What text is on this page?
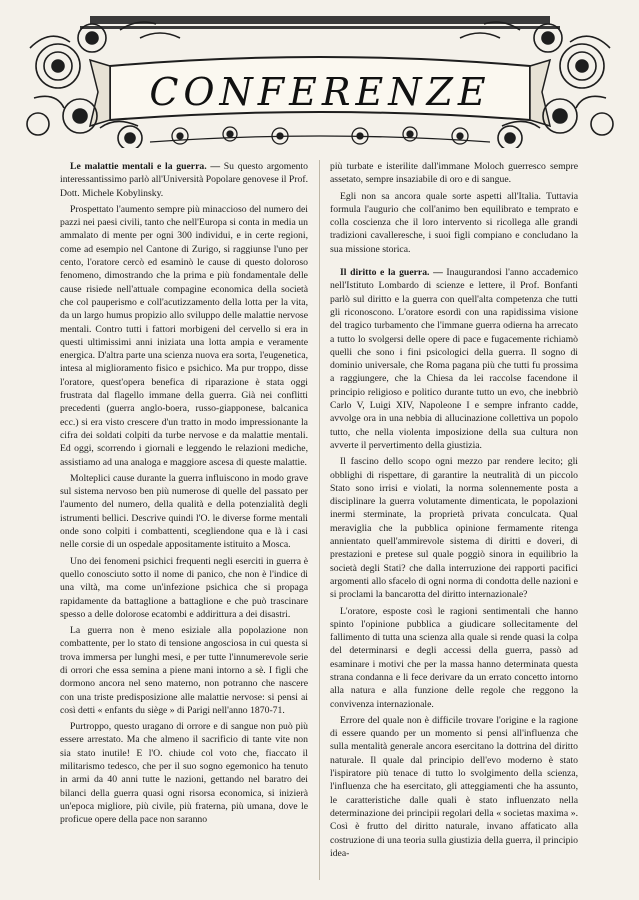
CONFERENZE

Le malattie mentali e la guerra. — Su questo argomento interessantissimo parlò all'Università Popolare genovese il Prof. Dott. Michele Kobylinsky.

Prospettato l'aumento sempre più minaccioso del numero dei pazzi nei paesi civili, tanto che nell'Europa si conta in media un ammalato di mente per ogni 300 individui, e in certe regioni, come ad esempio nel Cantone di Zurigo, si raggiunse l'uno per cento, l'oratore cercò ed esaminò le cause di questo doloroso fenomeno, dimostrando che la prima e più fondamentale delle cause risiede nell'attuale compagine economica della società che col pauperismo e coll'acutizzamento della lotta per la vita, da un largo humus propizio allo sviluppo delle malattie nervose mentali. Contro tutti i fattori morbigeni del cervello si era in questi ultimissimi anni iniziata una lotta ampia e veramente energica. D'altra parte una scienza nuova era sorta, l'eugenetica, intesa al miglioramento fisico e psichico. Ma pur troppo, disse l'oratore, quest'opera benefica di riparazione è stata oggi frustrata dal flagello immane della guerra. Già nei conflitti precedenti (guerra anglo-boera, russo-giapponese, balcanica ecc.) si era visto crescere d'un tratto in modo impressionante la cifra dei soldati colpiti da turbe nervose e da malattie mentali. Ed oggi, scorrendo i giornali e leggendo le relazioni mediche, assistiamo ad una analoga e maggiore ascesa di queste malattie.

Molteplici cause durante la guerra influiscono in modo grave sul sistema nervoso ben più numerose di quelle del passato per l'aumento del numero, della qualità e della potenzialità degli istrumenti bellici. Descrive quindi l'O. le diverse forme mentali onde sono colpiti i combattenti, scegliendone qua e là i casi nelle corsie di un ospedale appositamente istituito a Mosca.

Uno dei fenomeni psichici frequenti negli eserciti in guerra è quello conosciuto sotto il nome di panico, che non è l'indice di una viltà, ma come un'infezione psichica che si propaga rapidamente da battaglione a battaglione e che può trascinare spesso a delle dolorose ecatombi e addirittura a dei disastri.

La guerra non è meno esiziale alla popolazione non combattente, per lo stato di tensione angosciosa in cui questa si trova immersa per lunghi mesi, e per tutte l'innumerevole serie di orrori che essa semina a piene mani intorno a sè. I figli che dormono ancora nel seno materno, non potranno che nascere con una triste predisposizione alle malattie nervose: si pensi ai così detti « enfants du siège » di Parigi nell'anno 1870-71.

Purtroppo, questo uragano di orrore e di sangue non può più essere arrestato. Ma che almeno il sacrificio di tante vite non sia stato inutile! E l'O. chiude col voto che, fiaccato il militarismo tedesco, che per il suo sogno egemonico ha tenuto in armi da 40 anni tutte le nazioni, gettando nel baratro dei bilanci della guerra quasi ogni risorsa economica, si inizierà un'epoca migliore, più civile, più fraterna, più umana, dove le proficue opere della pace non saranno

più turbate e isterilite dall'immane Moloch guerresco sempre assetato, sempre insaziabile di oro e di sangue.

Egli non sa ancora quale sorte aspetti all'Italia. Tuttavia formula l'augurio che coll'animo ben equilibrato e temprato e colla coscienza che il loro intervento si ricollega alle grandi tradizioni cavalleresche, i suoi figli compiano e concludano la sua missione storica.

Il diritto e la guerra. — Inaugurandosi l'anno accademico nell'Istituto Lombardo di scienze e lettere, il Prof. Bonfanti parlò sul diritto e la guerra con quell'alta competenza che tutti gli riconoscono. L'oratore esordì con una rapidissima visione del tragico turbamento che l'immane guerra odierna ha arrecato a tutto lo svolgersi delle opere di pace e fugacemente richiamò quelli che sono i fini psicologici della guerra. Il sogno di dominio universale, che Roma pagana più che tutti fu prossima a raggiungere, che la Chiesa da lei raccolse facendone il principio religioso e politico durante tutto un evo, che inebbriò Carlo V, Luigi XIV, Napoleone I e sempre infranto cadde, avvolge ora in una nebbia di allucinazione collettiva un popolo tutto, che nella violenta imposizione della sua cultura non avverte il pervertimento della giustizia.

Il fascino dello scopo ogni mezzo par rendere lecito; gli obblighi di rispettare, di garantire la neutralità di un piccolo Stato sono irrisi e violati, la norma solennemente posta a disciplinare la guerra volutamente dimenticata, le popolazioni inermi sterminate, la proprietà privata conculcata. Qual meraviglia che la pubblica opinione fermamente ritenga annientato quell'ammirevole sistema di diritti e doveri, di prestazioni e pretese sul quale poggiò sinora in equilibrio la società degli Stati? che dalla interruzione dei rapporti pacifici argomenti allo sfacelo di ogni norma di condotta delle nazioni e si proclami la bancarotta del diritto internazionale?

L'oratore, esposte così le ragioni sentimentali che hanno spinto l'opinione pubblica a giudicare sollecitamente del fallimento di tutta una scienza alla quale si rende quasi la colpa del determinarsi e degli accessi della guerra, passò ad esaminare i motivi che per la massa hanno determinata questa strana condanna e li fece derivare da un errato concetto intorno alla natura e alla funzione delle regole che reggono la convivenza internazionale.

Errore del quale non è difficile trovare l'origine e la ragione di essere quando per un momento si pensi all'influenza che sulla mentalità generale ancora esercitano la dottrina del diritto naturale. Il quale dal principio dell'evo moderno è stato l'ispiratore più tenace di tutto lo svolgimento della scienza, l'influenza che ha esercitato, gli atteggiamenti che ha assunto, le caratteristiche dalle quali è stato influenzato nella determinazione dei principii regolari della « societas maxima ». Così è frutto del diritto naturale, invano affaticato alla costruzione di una teoria sulla giustizia della guerra, il principio idea-
